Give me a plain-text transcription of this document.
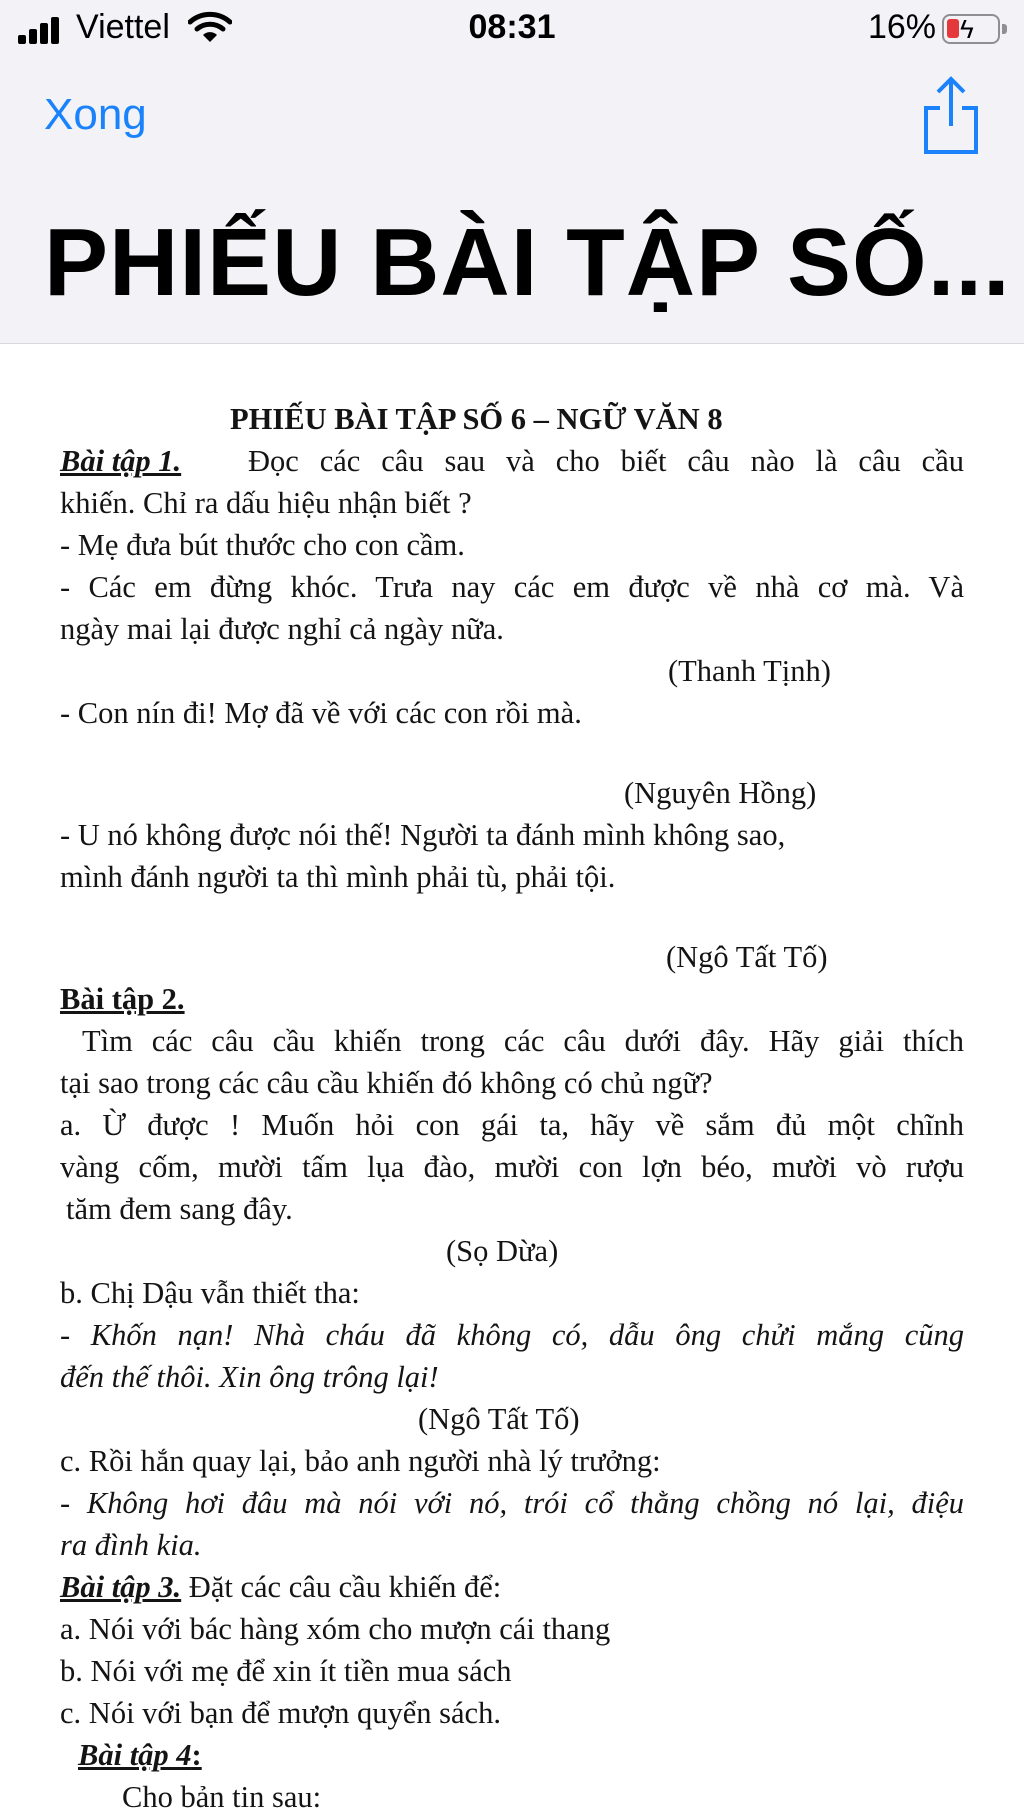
Viettel	08:31	16% ϟ
Xong
PHIẾU BÀI TẬP SỐ...
PHIẾU BÀI TẬP SỐ 6 – NGỮ VĂN 8
Bài tập 1. Đọc các câu sau và cho biết câu nào là câu cầu
khiến. Chỉ ra dấu hiệu nhận biết ?
- Mẹ đưa bút thước cho con cầm.
- Các em đừng khóc. Trưa nay các em được về nhà cơ mà. Và
ngày mai lại được nghỉ cả ngày nữa.
(Thanh Tịnh)
- Con nín đi! Mợ đã về với các con rồi mà.
(Nguyên Hồng)
- U nó không được nói thế! Người ta đánh mình không sao,
mình đánh người ta thì mình phải tù, phải tội.
(Ngô Tất Tố)
Bài tập 2.
Tìm các câu cầu khiến trong các câu dưới đây. Hãy giải thích
tại sao trong các câu cầu khiến đó không có chủ ngữ?
a. Ừ được ! Muốn hỏi con gái ta, hãy về sắm đủ một chĩnh
vàng cốm, mười tấm lụa đào, mười con lợn béo, mười vò rượu
tăm đem sang đây.
(Sọ Dừa)
b. Chị Dậu vẫn thiết tha:
- Khốn nạn! Nhà cháu đã không có, dẫu ông chửi mắng cũng
đến thế thôi. Xin ông trông lại!
(Ngô Tất Tố)
c. Rồi hắn quay lại, bảo anh người nhà lý trưởng:
- Không hơi đâu mà nói với nó, trói cổ thằng chồng nó lại, điệu
ra đình kia.
Bài tập 3. Đặt các câu cầu khiến để:
a. Nói với bác hàng xóm cho mượn cái thang
b. Nói với mẹ để xin ít tiền mua sách
c. Nói với bạn để mượn quyển sách.
Bài tập 4:
Cho bản tin sau:
